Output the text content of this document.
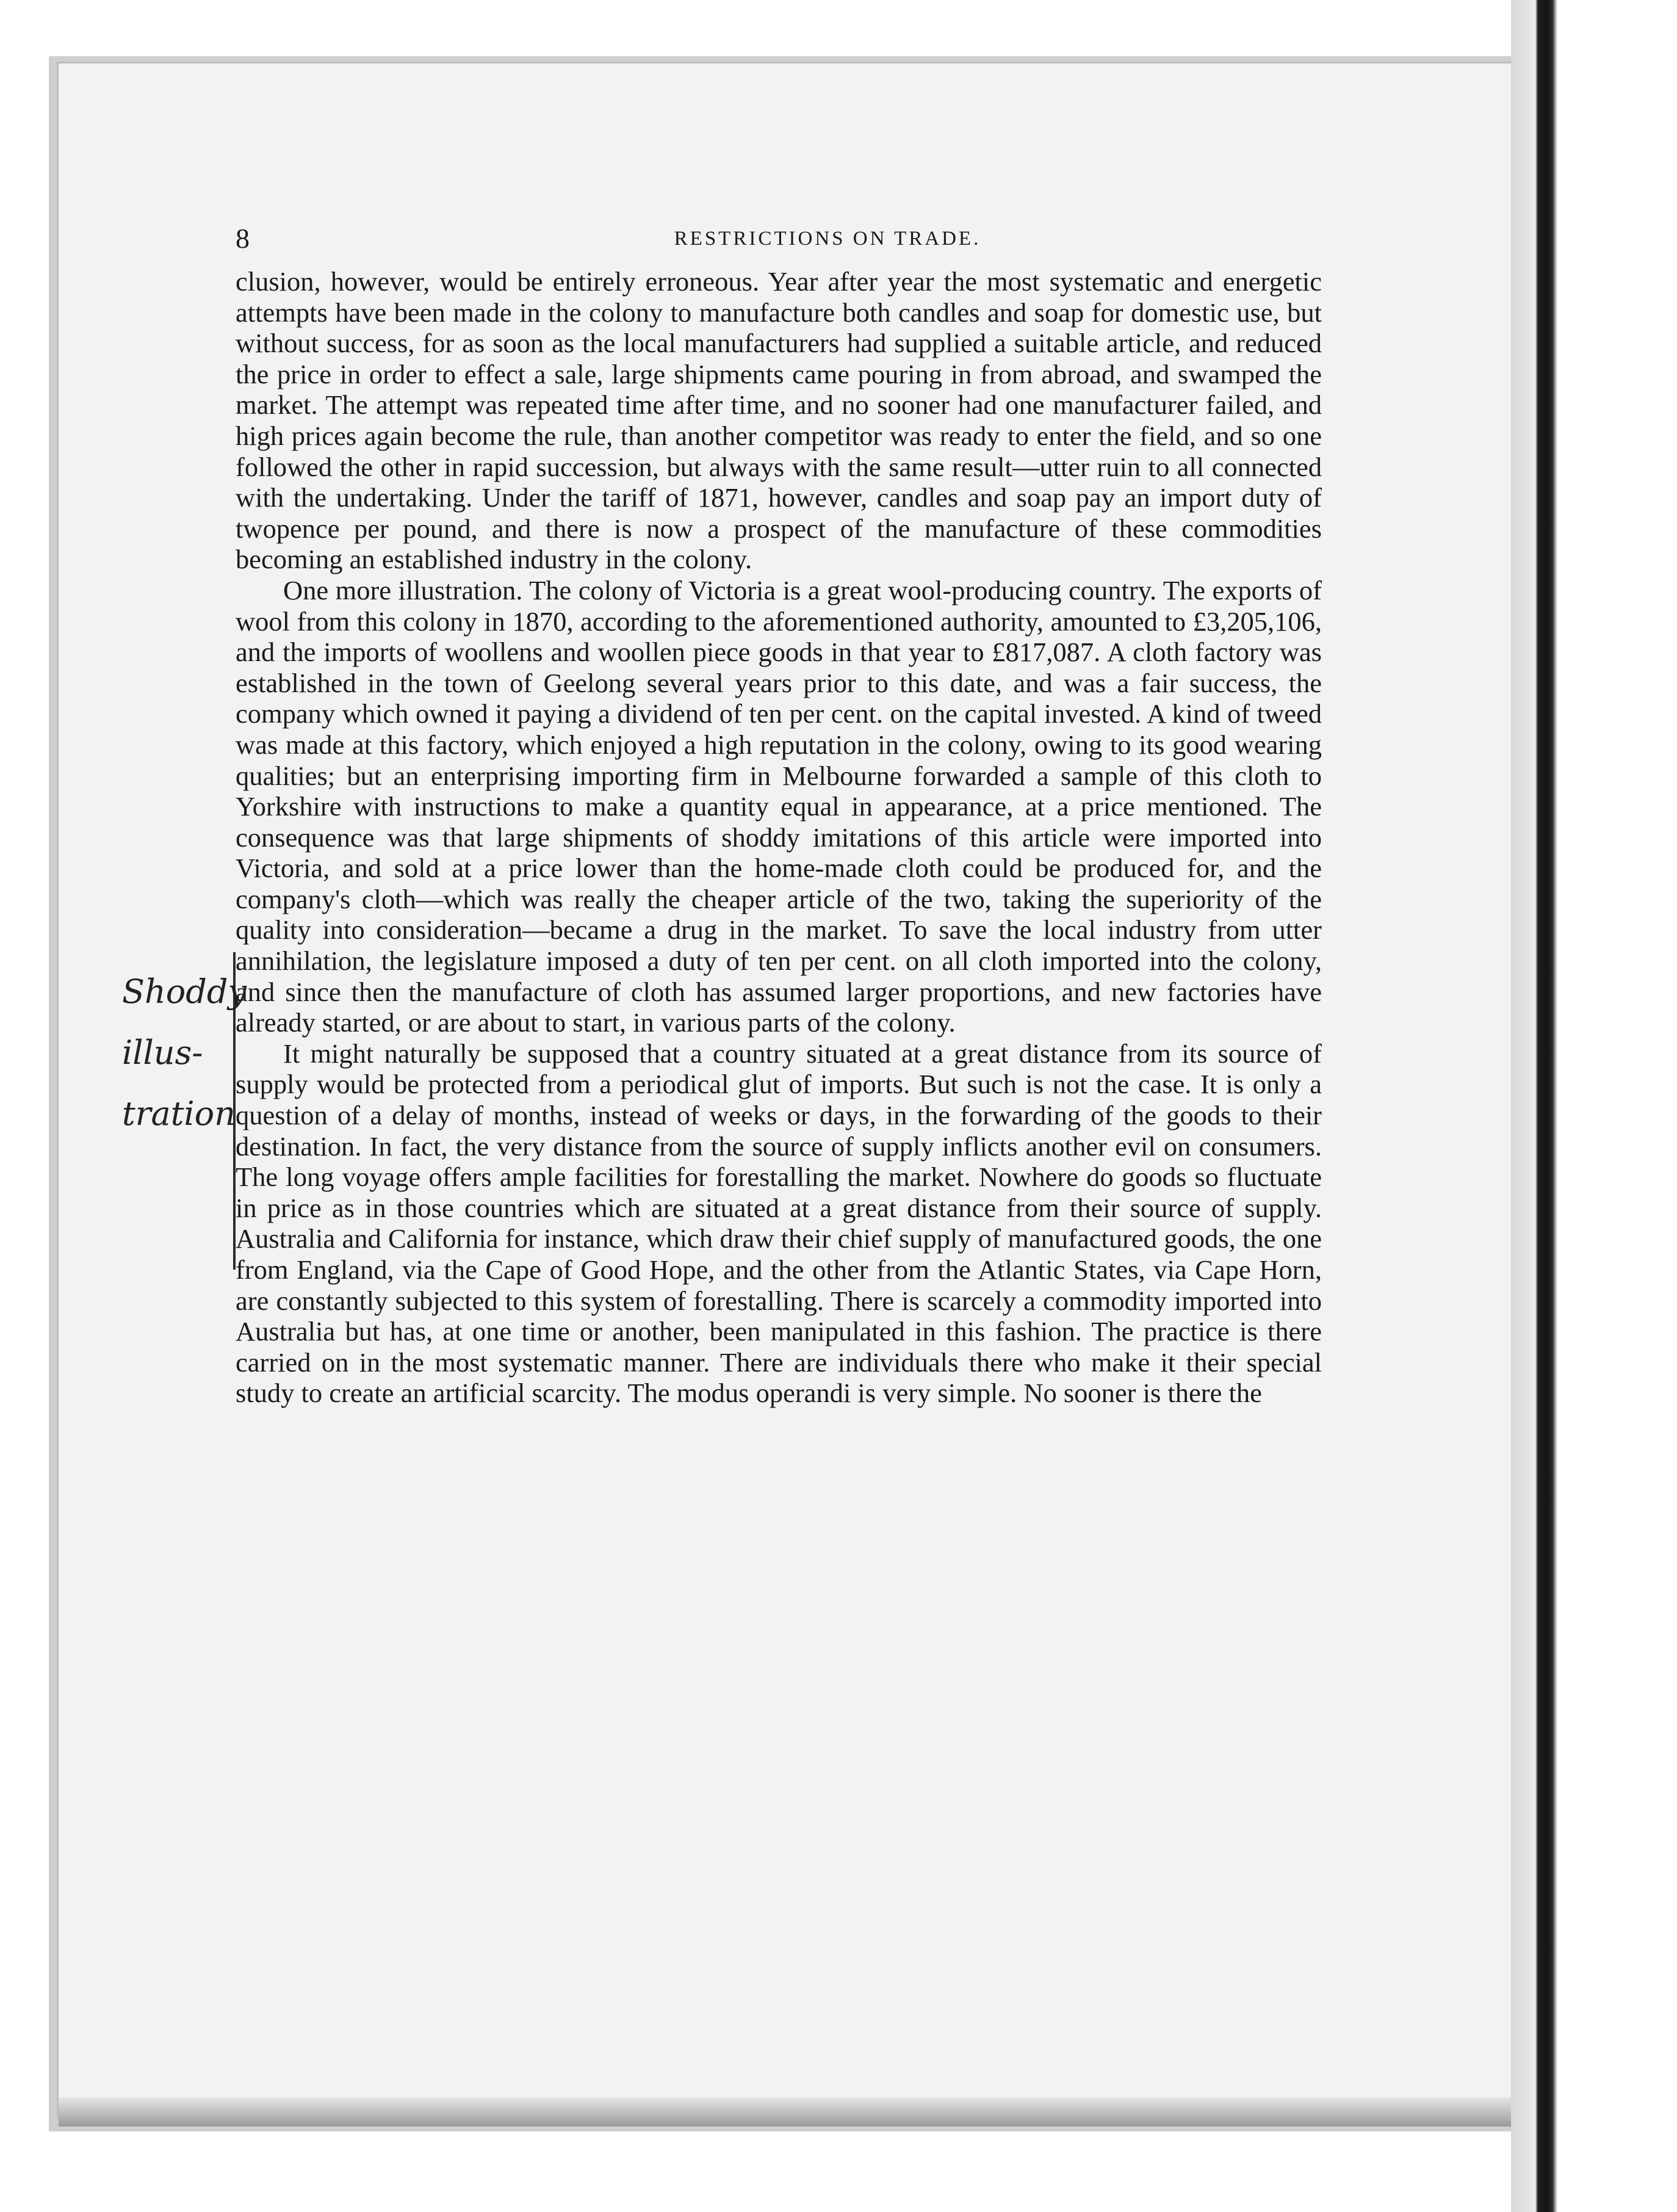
8	RESTRICTIONS ON TRADE.

clusion, however, would be entirely erroneous. Year after year the most systematic and energetic attempts have been made in the colony to manufacture both candles and soap for domestic use, but without success, for as soon as the local manufacturers had supplied a suitable article, and reduced the price in order to effect a sale, large shipments came pouring in from abroad, and swamped the market. The attempt was repeated time after time, and no sooner had one manufacturer failed, and high prices again become the rule, than another competitor was ready to enter the field, and so one followed the other in rapid succession, but always with the same result—utter ruin to all connected with the undertaking. Under the tariff of 1871, however, candles and soap pay an import duty of twopence per pound, and there is now a prospect of the manufacture of these commodities becoming an established industry in the colony.

One more illustration. The colony of Victoria is a great wool-producing country. The exports of wool from this colony in 1870, according to the aforementioned authority, amounted to £3,205,106, and the imports of woollens and woollen piece goods in that year to £817,087. A cloth factory was established in the town of Geelong several years prior to this date, and was a fair success, the company which owned it paying a dividend of ten per cent. on the capital invested. A kind of tweed was made at this factory, which enjoyed a high reputation in the colony, owing to its good wearing qualities; but an enterprising importing firm in Melbourne forwarded a sample of this cloth to Yorkshire with instructions to make a quantity equal in appearance, at a price mentioned. The consequence was that large shipments of shoddy imitations of this article were imported into Victoria, and sold at a price lower than the home-made cloth could be produced for, and the company's cloth—which was really the cheaper article of the two, taking the superiority of the quality into consideration—became a drug in the market. To save the local industry from utter annihilation, the legislature imposed a duty of ten per cent. on all cloth imported into the colony, and since then the manufacture of cloth has assumed larger proportions, and new factories have already started, or are about to start, in various parts of the colony.

It might naturally be supposed that a country situated at a great distance from its source of supply would be protected from a periodical glut of imports. But such is not the case. It is only a question of a delay of months, instead of weeks or days, in the forwarding of the goods to their destination. In fact, the very distance from the source of supply inflicts another evil on consumers. The long voyage offers ample facilities for forestalling the market. Nowhere do goods so fluctuate in price as in those countries which are situated at a great distance from their source of supply. Australia and California for instance, which draw their chief supply of manufactured goods, the one from England, via the Cape of Good Hope, and the other from the Atlantic States, via Cape Horn, are constantly subjected to this system of forestalling. There is scarcely a commodity imported into Australia but has, at one time or another, been manipulated in this fashion. The practice is there carried on in the most systematic manner. There are individuals there who make it their special study to create an artificial scarcity. The modus operandi is very simple. No sooner is there the

Shoddy
illus-
tration
